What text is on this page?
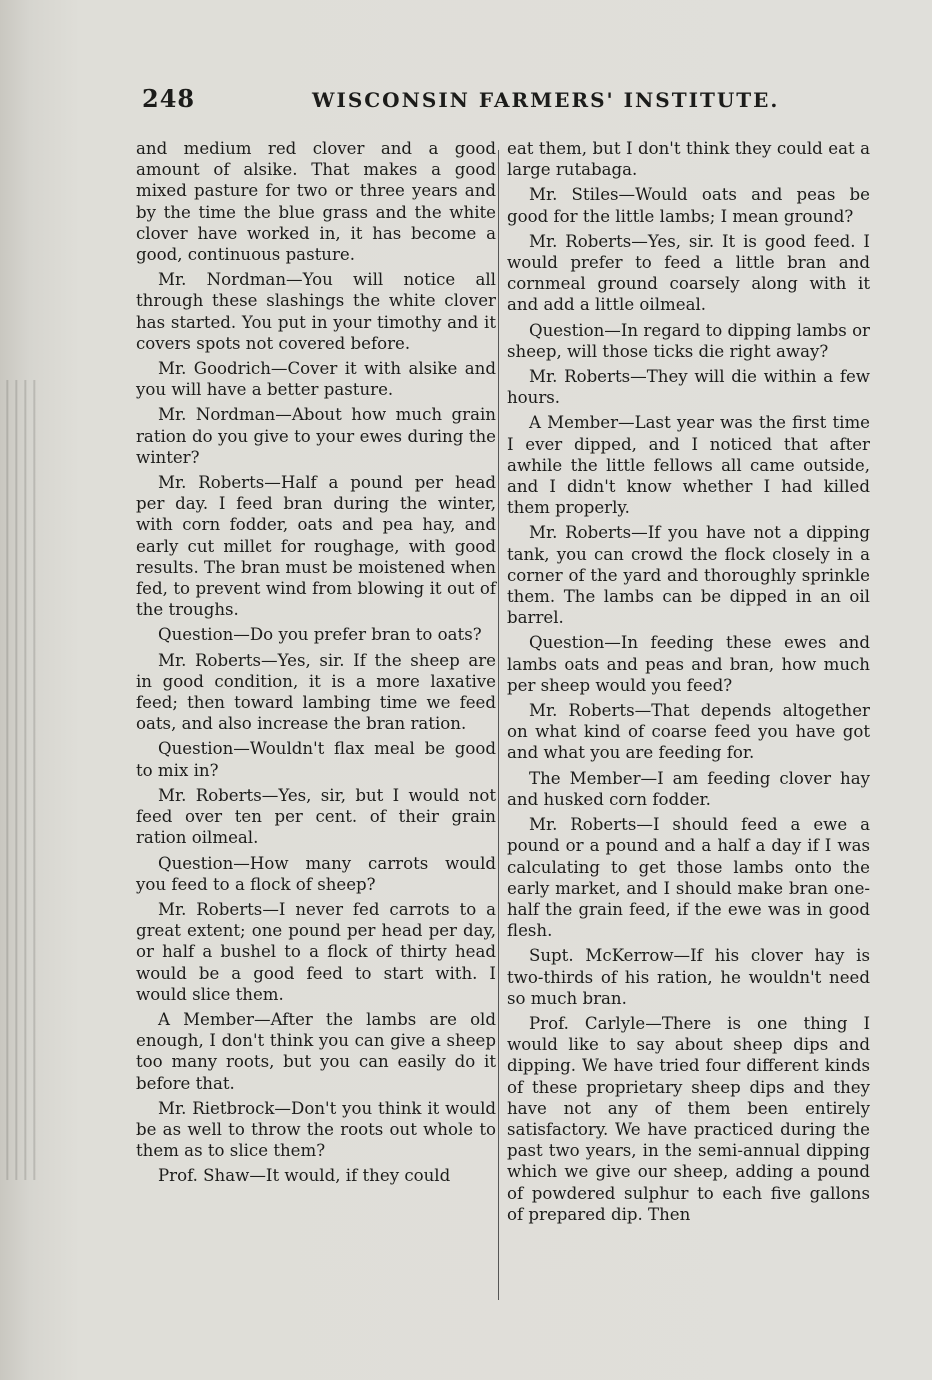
248	WISCONSIN FARMERS' INSTITUTE.

and medium red clover and a good amount of alsike. That makes a good mixed pasture for two or three years and by the time the blue grass and the white clover have worked in, it has become a good, continuous pasture.

Mr. Nordman—You will notice all through these slashings the white clover has started. You put in your timothy and it covers spots not covered before.

Mr. Goodrich—Cover it with alsike and you will have a better pasture.

Mr. Nordman—About how much grain ration do you give to your ewes during the winter?

Mr. Roberts—Half a pound per head per day. I feed bran during the winter, with corn fodder, oats and pea hay, and early cut millet for roughage, with good results. The bran must be moistened when fed, to prevent wind from blowing it out of the troughs.

Question—Do you prefer bran to oats?

Mr. Roberts—Yes, sir. If the sheep are in good condition, it is a more laxative feed; then toward lambing time we feed oats, and also increase the bran ration.

Question—Wouldn't flax meal be good to mix in?

Mr. Roberts—Yes, sir, but I would not feed over ten per cent. of their grain ration oilmeal.

Question—How many carrots would you feed to a flock of sheep?

Mr. Roberts—I never fed carrots to a great extent; one pound per head per day, or half a bushel to a flock of thirty head would be a good feed to start with. I would slice them.

A Member—After the lambs are old enough, I don't think you can give a sheep too many roots, but you can easily do it before that.

Mr. Rietbrock—Don't you think it would be as well to throw the roots out whole to them as to slice them?

Prof. Shaw—It would, if they could

eat them, but I don't think they could eat a large rutabaga.

Mr. Stiles—Would oats and peas be good for the little lambs; I mean ground?

Mr. Roberts—Yes, sir. It is good feed. I would prefer to feed a little bran and cornmeal ground coarsely along with it and add a little oilmeal.

Question—In regard to dipping lambs or sheep, will those ticks die right away?

Mr. Roberts—They will die within a few hours.

A Member—Last year was the first time I ever dipped, and I noticed that after awhile the little fellows all came outside, and I didn't know whether I had killed them properly.

Mr. Roberts—If you have not a dipping tank, you can crowd the flock closely in a corner of the yard and thoroughly sprinkle them. The lambs can be dipped in an oil barrel.

Question—In feeding these ewes and lambs oats and peas and bran, how much per sheep would you feed?

Mr. Roberts—That depends altogether on what kind of coarse feed you have got and what you are feeding for.

The Member—I am feeding clover hay and husked corn fodder.

Mr. Roberts—I should feed a ewe a pound or a pound and a half a day if I was calculating to get those lambs onto the early market, and I should make bran one-half the grain feed, if the ewe was in good flesh.

Supt. McKerrow—If his clover hay is two-thirds of his ration, he wouldn't need so much bran.

Prof. Carlyle—There is one thing I would like to say about sheep dips and dipping. We have tried four different kinds of these proprietary sheep dips and they have not any of them been entirely satisfactory. We have practiced during the past two years, in the semi-annual dipping which we give our sheep, adding a pound of powdered sulphur to each five gallons of prepared dip. Then
